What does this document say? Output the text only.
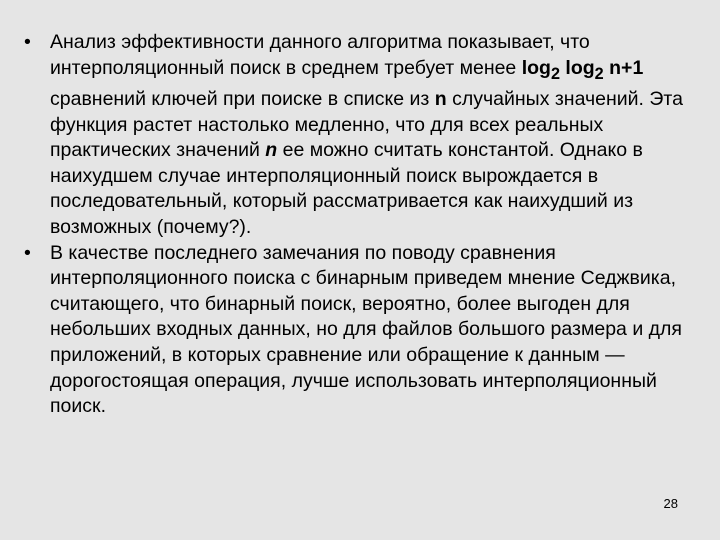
• Анализ эффективности данного алгоритма показывает, что интерполяционный поиск в среднем требует менее $\log_2 \log_2 n+1$ сравнений ключей при поиске в списке из n случайных значений. Эта функция растет настолько медленно, что для всех реальных практических значений n ее можно считать константой. Однако в наихудшем случае интерполяционный поиск вырождается в последовательный, который рассматривается как наихудший из возможных (почему?).
• В качестве последнего замечания по поводу сравнения интерполяционного поиска с бинарным приведем мнение Седжвика, считающего, что бинарный поиск, вероятно, более выгоден для небольших входных данных, но для файлов большого размера и для приложений, в которых сравнение или обращение к данным — дорогостоящая операция, лучше использовать интерполяционный поиск.
28
